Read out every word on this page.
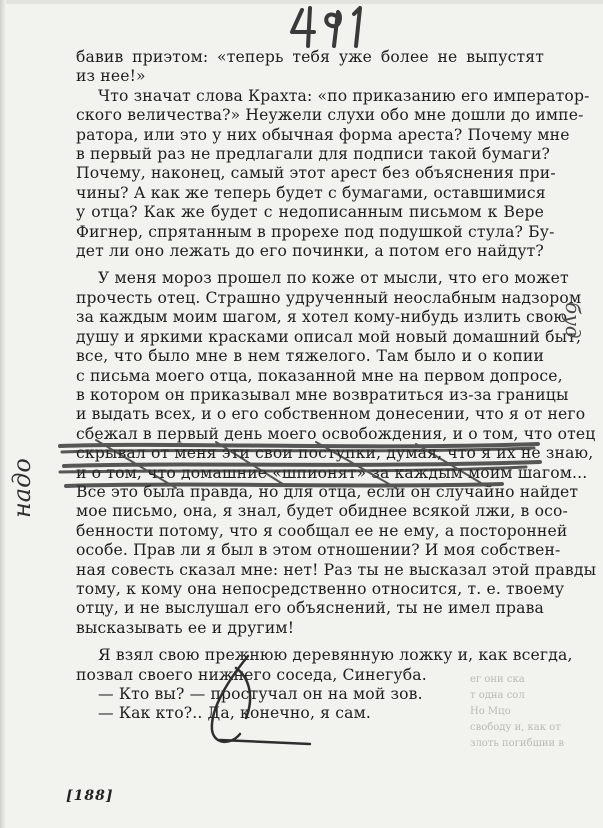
ег они ска
т одна сол
Но Мцо
свободу и, как от
злоть погибшии в
бавив приэтом: «теперь тебя уже более не выпустят
из нее!»
Что значат слова Крахта: «по приказанию его император-
ского величества?» Неужели слухи обо мне дошли до импе-
ратора, или это у них обычная форма ареста? Почему мне
в первый раз не предлагали для подписи такой бумаги?
Почему, наконец, самый этот арест без объяснения при-
чины? А как же теперь будет с бумагами, оставшимися
у отца? Как же будет с недописанным письмом к Вере
Фигнер, спрятанным в прорехе под подушкой стула? Бу-
дет ли оно лежать до его починки, а потом его найдут?
У меня мороз прошел по коже от мысли, что его может
прочесть отец. Страшно удрученный неослабным надзором
за каждым моим шагом, я хотел кому-нибудь излить свою
душу и яркими красками описал мой новый домашний быт,
все, что было мне в нем тяжелого. Там было и о копии
с письма моего отца, показанной мне на первом допросе,
в котором он приказывал мне возвратиться из-за границы
и выдать всех, и о его собственном донесении, что я от него
сбежал в первый день моего освобождения, и о том, что отец
скрывал от меня эти свои поступки, думая, что я их не знаю,
и о том, что домашние «шпионят» за каждым моим шагом...
Все это была правда, но для отца, если он случайно найдет
мое письмо, она, я знал, будет обиднее всякой лжи, в осо-
бенности потому, что я сообщал ее не ему, а посторонней
особе. Прав ли я был в этом отношении? И моя собствен-
ная совесть сказал мне: нет! Раз ты не высказал этой правды
тому, к кому она непосредственно относится, т. е. твоему
отцу, и не выслушал его объяснений, ты не имел права
высказывать ее и другим!
Я взял свою прежнюю деревянную ложку и, как всегда,
позвал своего нижнего соседа, Синегуба.
— Кто вы? — простучал он на мой зов.
— Как кто?.. Да, конечно, я сам.
надо
буд
[188]
